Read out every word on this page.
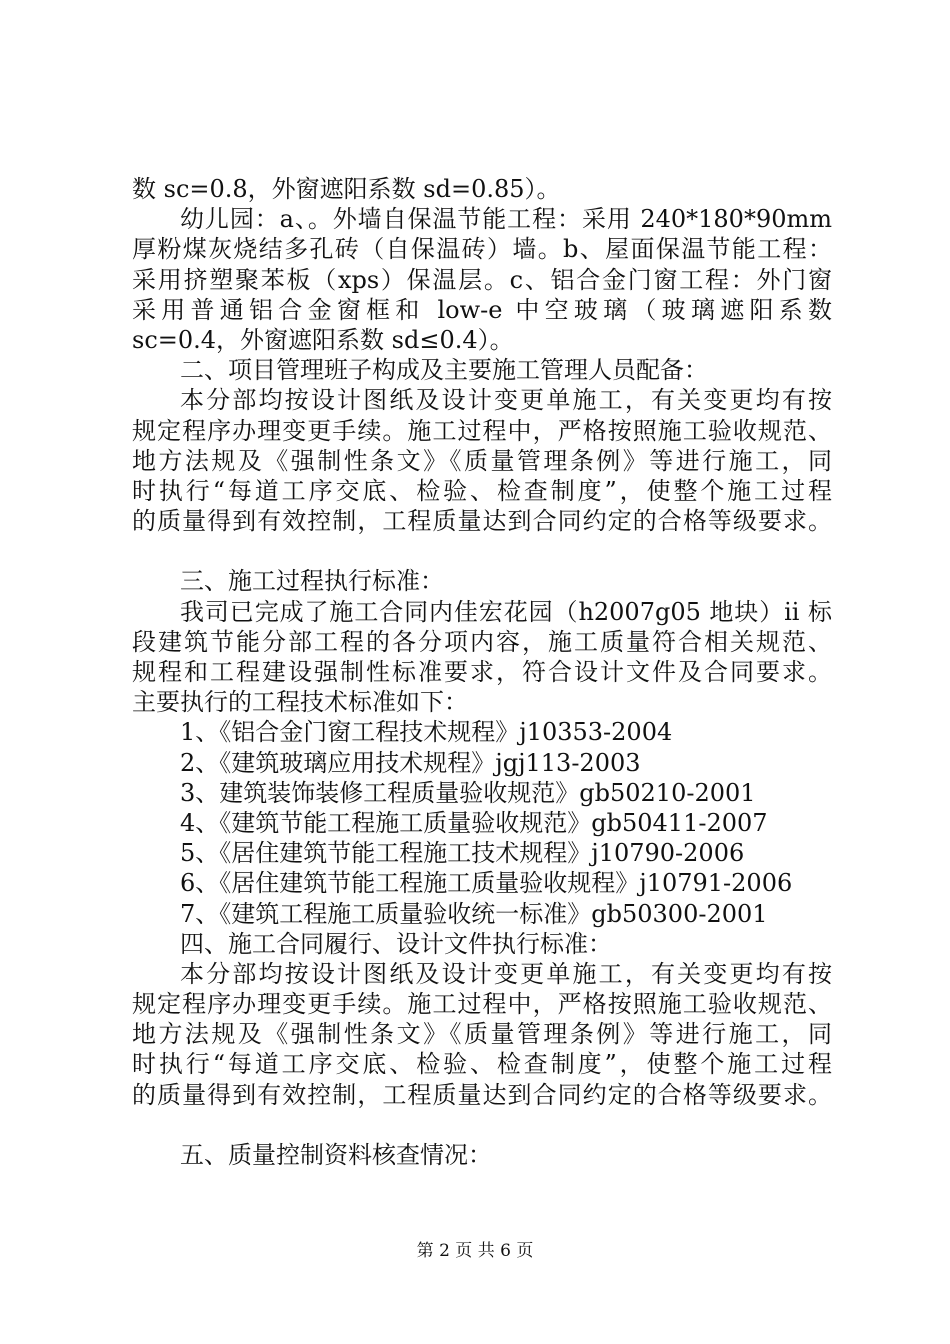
数 sc=0.8，外窗遮阳系数 sd=0.85）。
幼儿园：a、。外墙自保温节能工程：采用 240*180*90mm
厚粉煤灰烧结多孔砖（自保温砖）墙。b、屋面保温节能工程：
采用挤塑聚苯板（xps）保温层。c、铝合金门窗工程：外门窗
采用普通铝合金窗框和 low-e 中空玻璃（玻璃遮阳系数
sc=0.4，外窗遮阳系数 sd≤0.4）。
二、项目管理班子构成及主要施工管理人员配备：
本分部均按设计图纸及设计变更单施工，有关变更均有按
规定程序办理变更手续。施工过程中，严格按照施工验收规范、
地方法规及《强制性条文》《质量管理条例》等进行施工，同
时执行“每道工序交底、检验、检查制度”，使整个施工过程
的质量得到有效控制，工程质量达到合同约定的合格等级要求。
三、施工过程执行标准：
我司已完成了施工合同内佳宏花园（h2007g05 地块）ii 标
段建筑节能分部工程的各分项内容，施工质量符合相关规范、
规程和工程建设强制性标准要求，符合设计文件及合同要求。
主要执行的工程技术标准如下：
1、《铝合金门窗工程技术规程》j10353-2004
2、《建筑玻璃应用技术规程》jgj113-2003
3、建筑装饰装修工程质量验收规范》gb50210-2001
4、《建筑节能工程施工质量验收规范》gb50411-2007
5、《居住建筑节能工程施工技术规程》j10790-2006
6、《居住建筑节能工程施工质量验收规程》j10791-2006
7、《建筑工程施工质量验收统一标准》gb50300-2001
四、施工合同履行、设计文件执行标准：
本分部均按设计图纸及设计变更单施工，有关变更均有按
规定程序办理变更手续。施工过程中，严格按照施工验收规范、
地方法规及《强制性条文》《质量管理条例》等进行施工，同
时执行“每道工序交底、检验、检查制度”，使整个施工过程
的质量得到有效控制，工程质量达到合同约定的合格等级要求。
五、质量控制资料核查情况：
第 2 页 共 6 页
